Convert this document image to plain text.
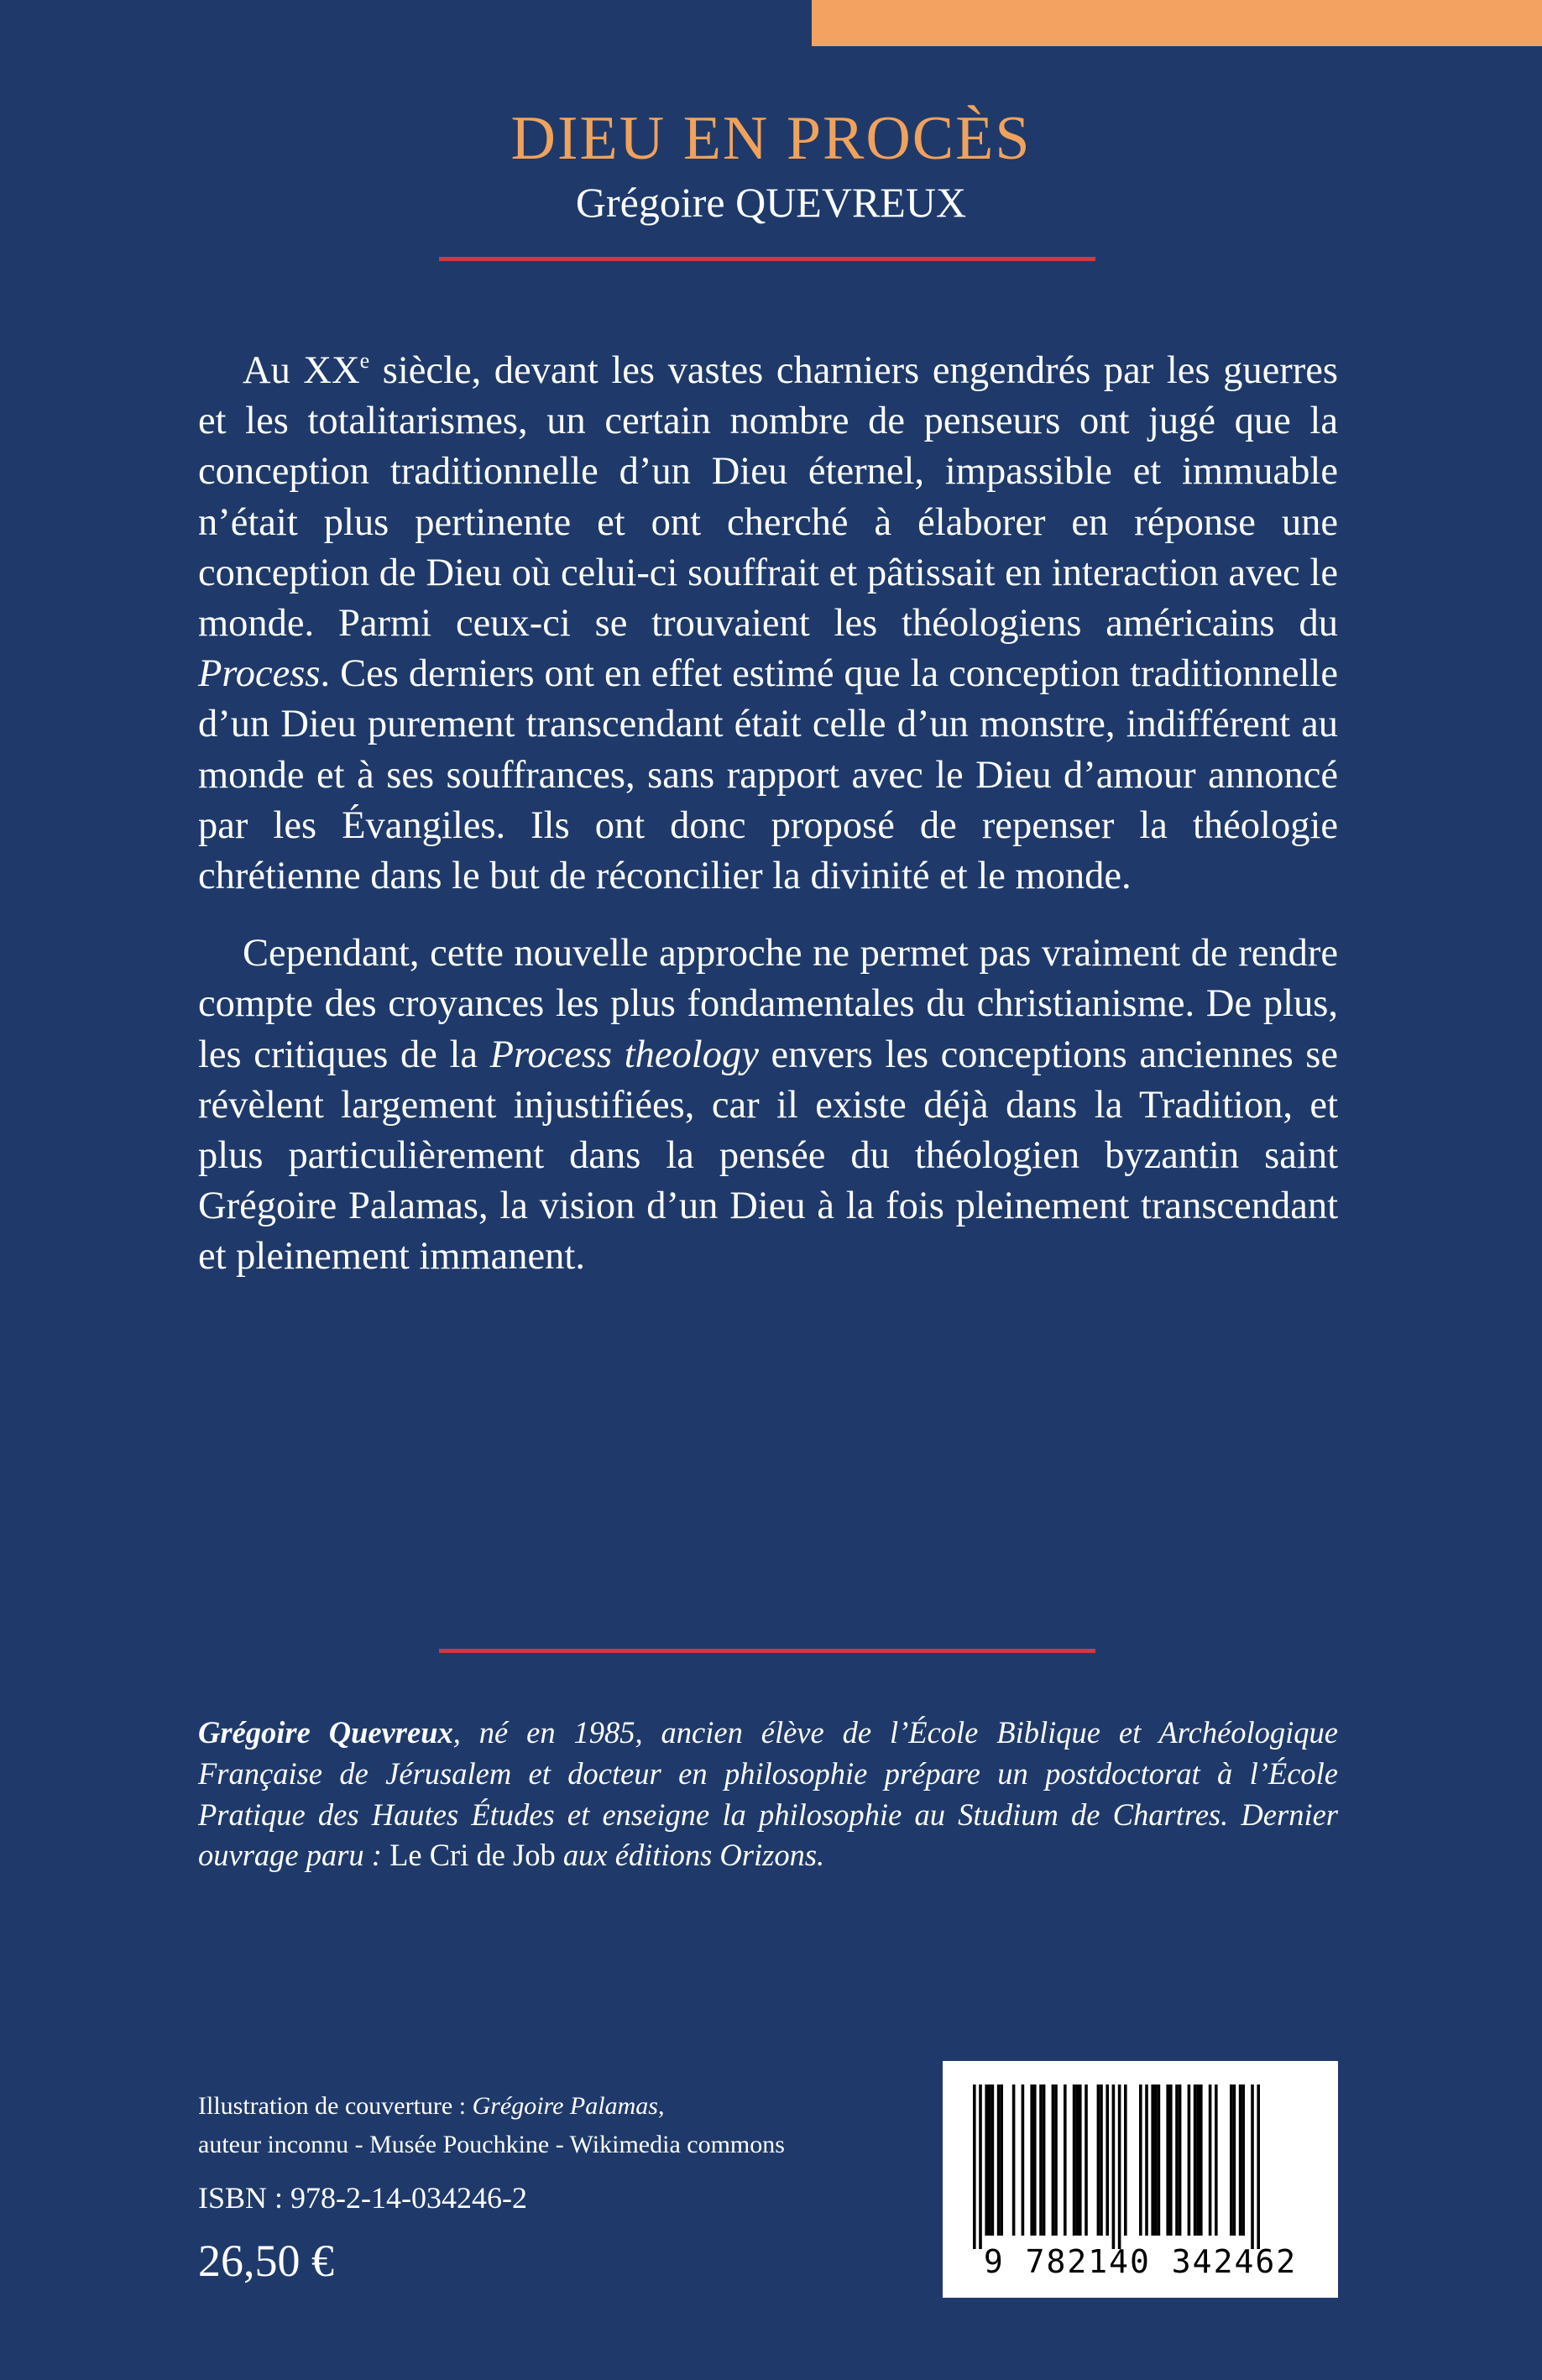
DIEU EN PROCÈS
Grégoire QUEVREUX

Au XXe siècle, devant les vastes charniers engendrés par les guerres et les totalitarismes, un certain nombre de penseurs ont jugé que la conception traditionnelle d’un Dieu éternel, impassible et immuable n’était plus pertinente et ont cherché à élaborer en réponse une conception de Dieu où celui-ci souffrait et pâtissait en interaction avec le monde. Parmi ceux-ci se trouvaient les théologiens américains du Process. Ces derniers ont en effet estimé que la conception traditionnelle d’un Dieu purement transcendant était celle d’un monstre, indifférent au monde et à ses souffrances, sans rapport avec le Dieu d’amour annoncé par les Évangiles. Ils ont donc proposé de repenser la théologie chrétienne dans le but de réconcilier la divinité et le monde.

Cependant, cette nouvelle approche ne permet pas vraiment de rendre compte des croyances les plus fondamentales du christianisme. De plus, les critiques de la Process theology envers les conceptions anciennes se révèlent largement injustifiées, car il existe déjà dans la Tradition, et plus particulièrement dans la pensée du théologien byzantin saint Grégoire Palamas, la vision d’un Dieu à la fois pleinement transcendant et pleinement immanent.

Grégoire Quevreux, né en 1985, ancien élève de l’École Biblique et Archéologique Française de Jérusalem et docteur en philosophie prépare un postdoctorat à l’École Pratique des Hautes Études et enseigne la philosophie au Studium de Chartres. Dernier ouvrage paru : Le Cri de Job aux éditions Orizons.

Illustration de couverture : Grégoire Palamas,
auteur inconnu - Musée Pouchkine - Wikimedia commons
ISBN : 978-2-14-034246-2
26,50 €	9 782140 342462
